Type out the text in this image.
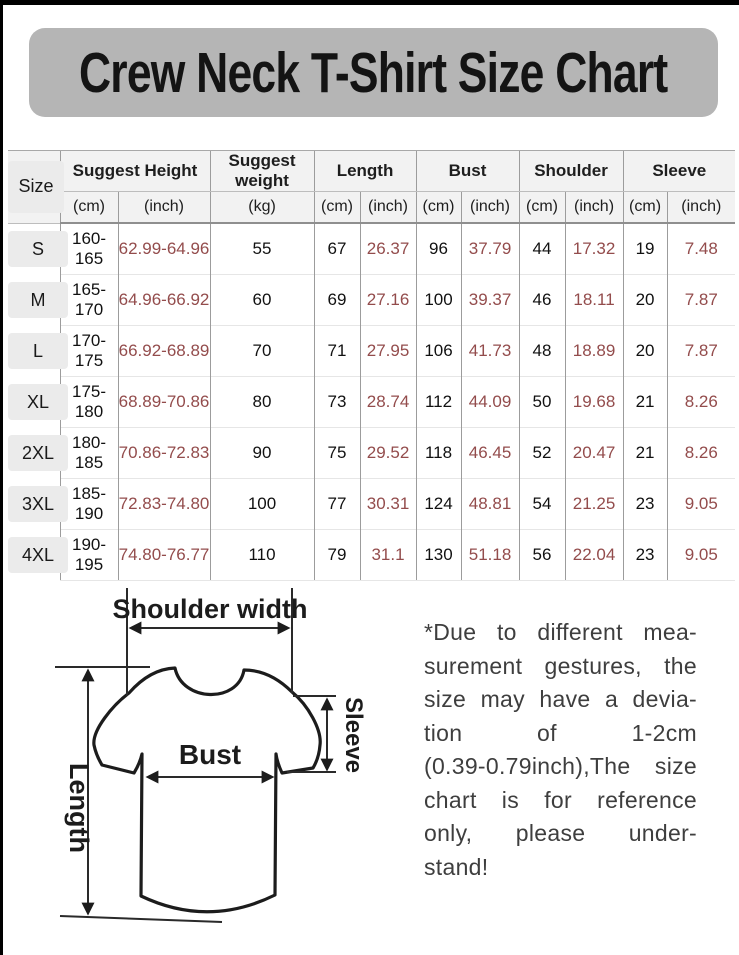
Crew Neck T-Shirt Size Chart
Size	Suggest Height		Suggest weight	Length		Bust		Shoulder		Sleeve	
	(cm)	(inch)	(kg)	(cm)	(inch)	(cm)	(inch)	(cm)	(inch)	(cm)	(inch)
S	160-165	62.99-64.96	55	67	26.37	96	37.79	44	17.32	19	7.48
M	165-170	64.96-66.92	60	69	27.16	100	39.37	46	18.11	20	7.87
L	170-175	66.92-68.89	70	71	27.95	106	41.73	48	18.89	20	7.87
XL	175-180	68.89-70.86	80	73	28.74	112	44.09	50	19.68	21	8.26
2XL	180-185	70.86-72.83	90	75	29.52	118	46.45	52	20.47	21	8.26
3XL	185-190	72.83-74.80	100	77	30.31	124	48.81	54	21.25	23	9.05
4XL	190-195	74.80-76.77	110	79	31.1	130	51.18	56	22.04	23	9.05
Shoulder width
Length
Bust	Sleeve
*Due to different mea-
surement gestures, the
size may have a devia-
tion of 1-2cm
(0.39-0.79inch),The size
chart is for reference
only, please under-
stand!
